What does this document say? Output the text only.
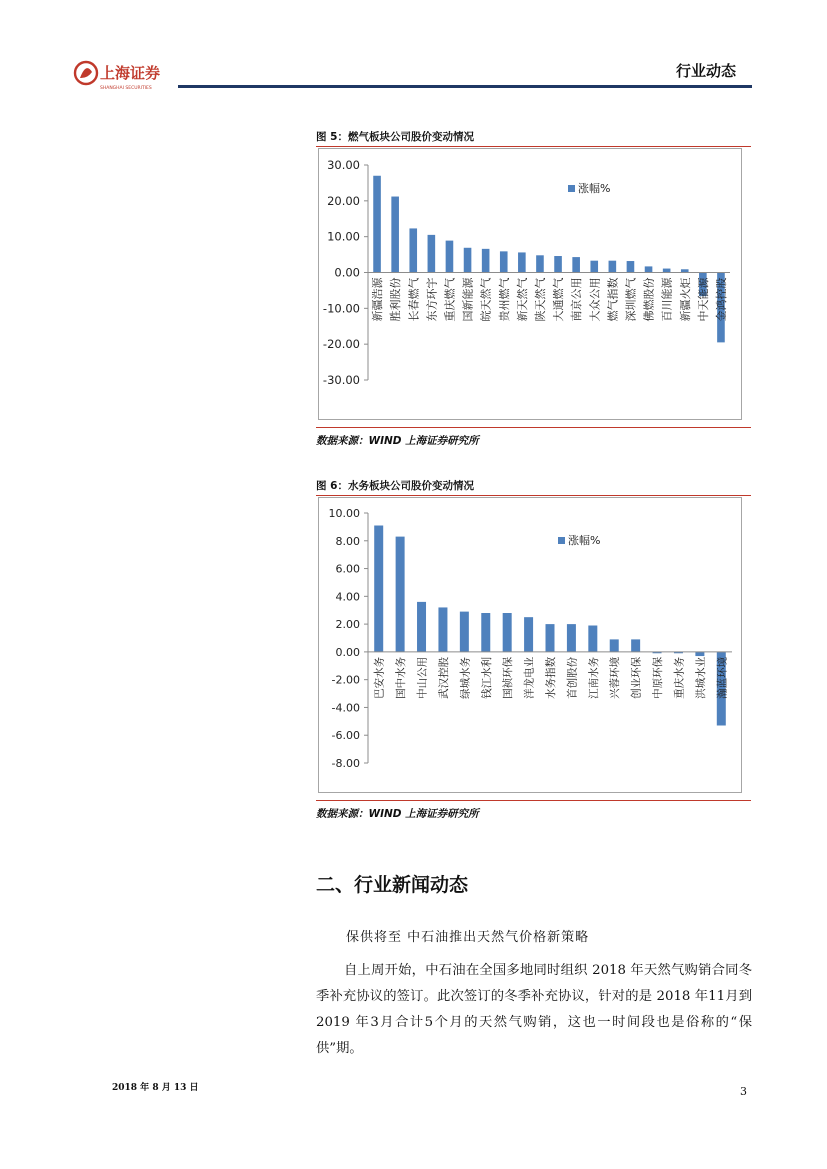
上海证券
SHANGHAI SECURITIES
行业动态
图 5：燃气板块公司股价变动情况
30.00
20.00
10.00
0.00
-10.00
-20.00
-30.00
新疆浩源 胜利股份 长春燃气 东方环宇 重庆燃气 国新能源 皖天然气 贵州燃气 新天然气 陕天然气 大通燃气 南京公用 大众公用 燃气指数 深圳燃气 佛燃股份 百川能源 新疆火炬 中天能源 金鸿控股
涨幅%
数据来源：WIND 上海证券研究所
图 6：水务板块公司股价变动情况
10.00
8.00
6.00
4.00
2.00
0.00
-2.00
-4.00
-6.00
-8.00
巴安水务 国中水务 中山公用 武汉控股 绿城水务 钱江水利 国祯环保 洋龙电业 水务指数 首创股份 江南水务 兴蓉环境 创业环保 中原环保 重庆水务 洪城水业 瀚蓝环境
涨幅%
数据来源：WIND 上海证券研究所
二、行业新闻动态
保供将至 中石油推出天然气价格新策略
自上周开始，中石油在全国多地同时组织 2018 年天然气购销合同冬季补充协议的签订。此次签订的冬季补充协议，针对的是 2018 年11月到2019 年3月合计5个月的天然气购销，这也一时间段也是俗称的“保供”期。
2018 年 8 月 13 日	3
